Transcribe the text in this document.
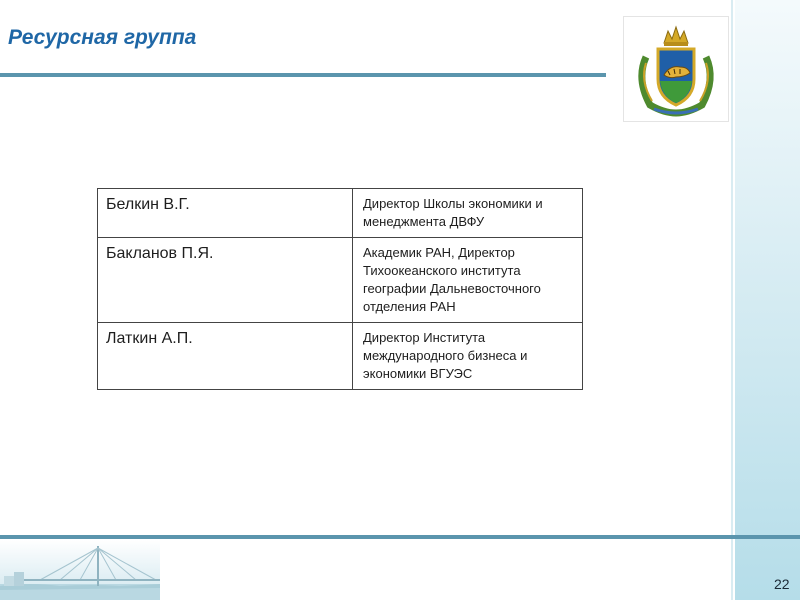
Ресурсная группа
Белкин В.Г.	Директор Школы экономики и
менеджмента ДВФУ

Бакланов П.Я.	Академик РАН, Директор
Тихоокеанского института
географии Дальневосточного
отделения РАН

Латкин А.П.	Директор Института
международного бизнеса и
экономики ВГУЭС
22
